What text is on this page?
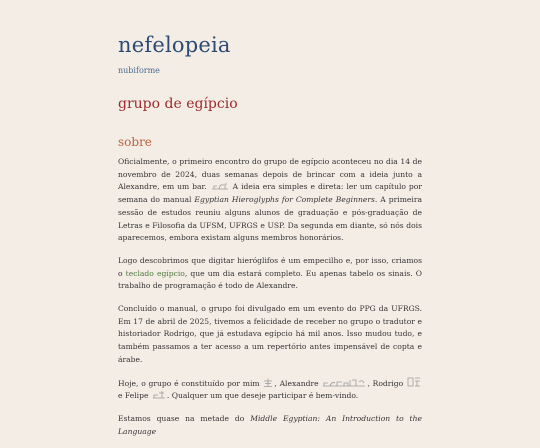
nefelopeia

nubiforme

grupo de egípcio
sobre

Oficialmente, o primeiro encontro do grupo de egípcio aconteceu no dia 14 de novembro de 2024, duas semanas depois de brincar com a ideia junto a Alexandre, em um bar.	A ideia era simples e direta: ler um capítulo por semana do manual Egyptian Hieroglyphs for Complete Beginners. A primeira sessão de estudos reuniu alguns alunos de graduação e pós-graduação de Letras e Filosofia da UFSM, UFRGS e USP. Da segunda em diante, só nós dois aparecemos, embora existam alguns membros honorários.

Logo descobrimos que digitar hieróglifos é um empecilho e, por isso, criamos o teclado egípcio, que um dia estará completo. Eu apenas tabelo os sinais. O trabalho de programação é todo de Alexandre.

Concluído o manual, o grupo foi divulgado em um evento do PPG da UFRGS. Em 17 de abril de 2025, tivemos a felicidade de receber no grupo o tradutor e historiador Rodrigo, que já estudava egípcio há mil anos. Isso mudou tudo, e também passamos a ter acesso a um repertório antes impensável de copta e árabe.

Hoje, o grupo é constituído por mim , Alexandre	, Rodrigo
e Felipe . Qualquer um que deseje participar é bem-vindo.

Estamos quase na metade do Middle Egyptian: An Introduction to the Language
